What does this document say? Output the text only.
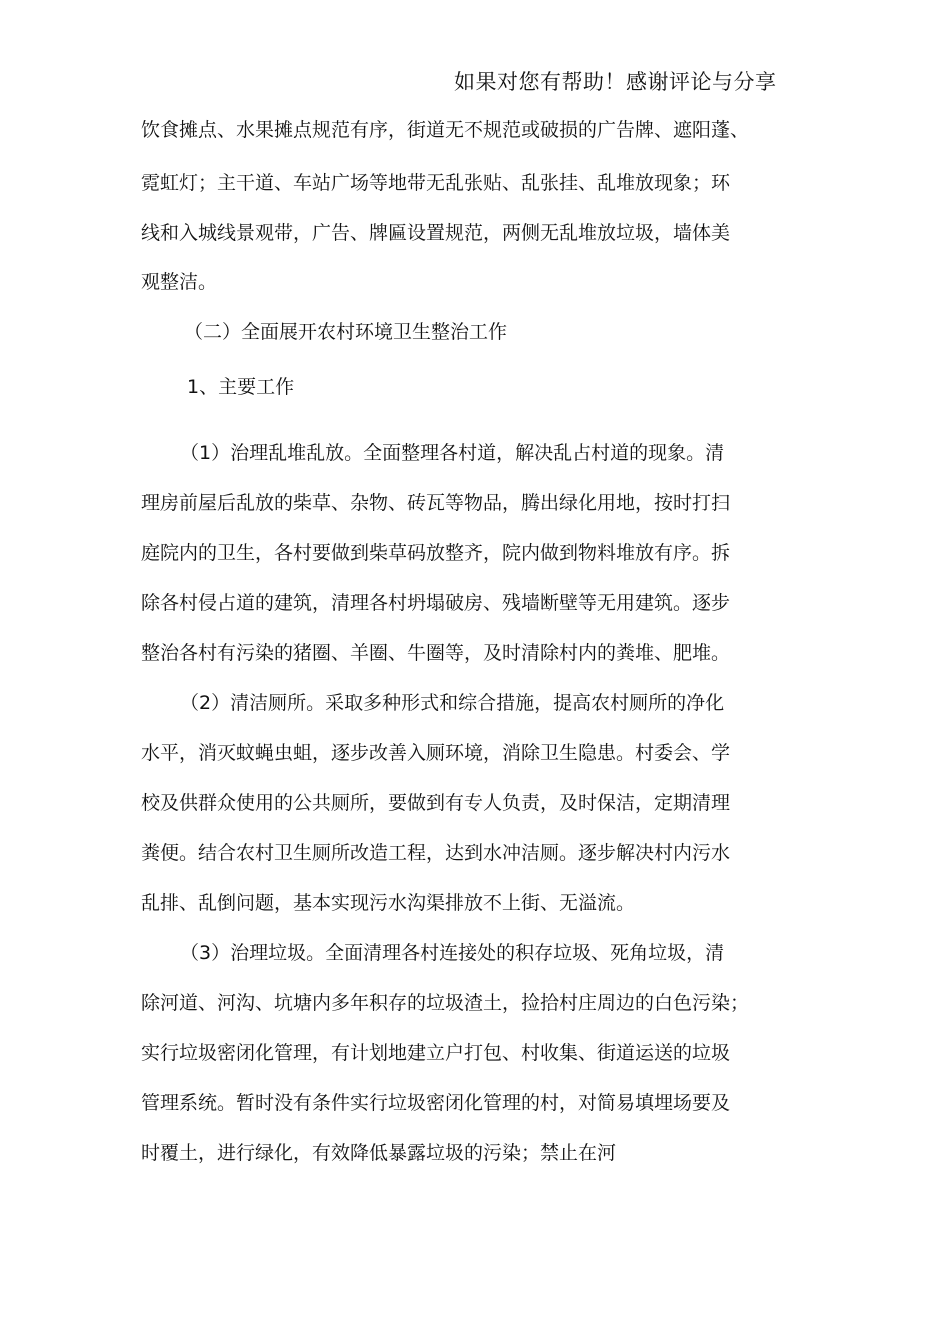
如果对您有帮助！感谢评论与分享
饮食摊点、水果摊点规范有序，街道无不规范或破损的广告牌、遮阳蓬、
霓虹灯；主干道、车站广场等地带无乱张贴、乱张挂、乱堆放现象；环
线和入城线景观带，广告、牌匾设置规范，两侧无乱堆放垃圾，墙体美
观整洁。
（二）全面展开农村环境卫生整治工作
1、主要工作
（1）治理乱堆乱放。全面整理各村道，解决乱占村道的现象。清
理房前屋后乱放的柴草、杂物、砖瓦等物品，腾出绿化用地，按时打扫
庭院内的卫生，各村要做到柴草码放整齐，院内做到物料堆放有序。拆
除各村侵占道的建筑，清理各村坍塌破房、残墙断壁等无用建筑。逐步
整治各村有污染的猪圈、羊圈、牛圈等，及时清除村内的粪堆、肥堆。
（2）清洁厕所。采取多种形式和综合措施，提高农村厕所的净化
水平，消灭蚊蝇虫蛆，逐步改善入厕环境，消除卫生隐患。村委会、学
校及供群众使用的公共厕所，要做到有专人负责，及时保洁，定期清理
粪便。结合农村卫生厕所改造工程，达到水冲洁厕。逐步解决村内污水
乱排、乱倒问题，基本实现污水沟渠排放不上街、无溢流。
（3）治理垃圾。全面清理各村连接处的积存垃圾、死角垃圾，清
除河道、河沟、坑塘内多年积存的垃圾渣土，捡拾村庄周边的白色污染；
实行垃圾密闭化管理，有计划地建立户打包、村收集、街道运送的垃圾
管理系统。暂时没有条件实行垃圾密闭化管理的村，对简易填埋场要及
时覆土，进行绿化，有效降低暴露垃圾的污染；禁止在河
